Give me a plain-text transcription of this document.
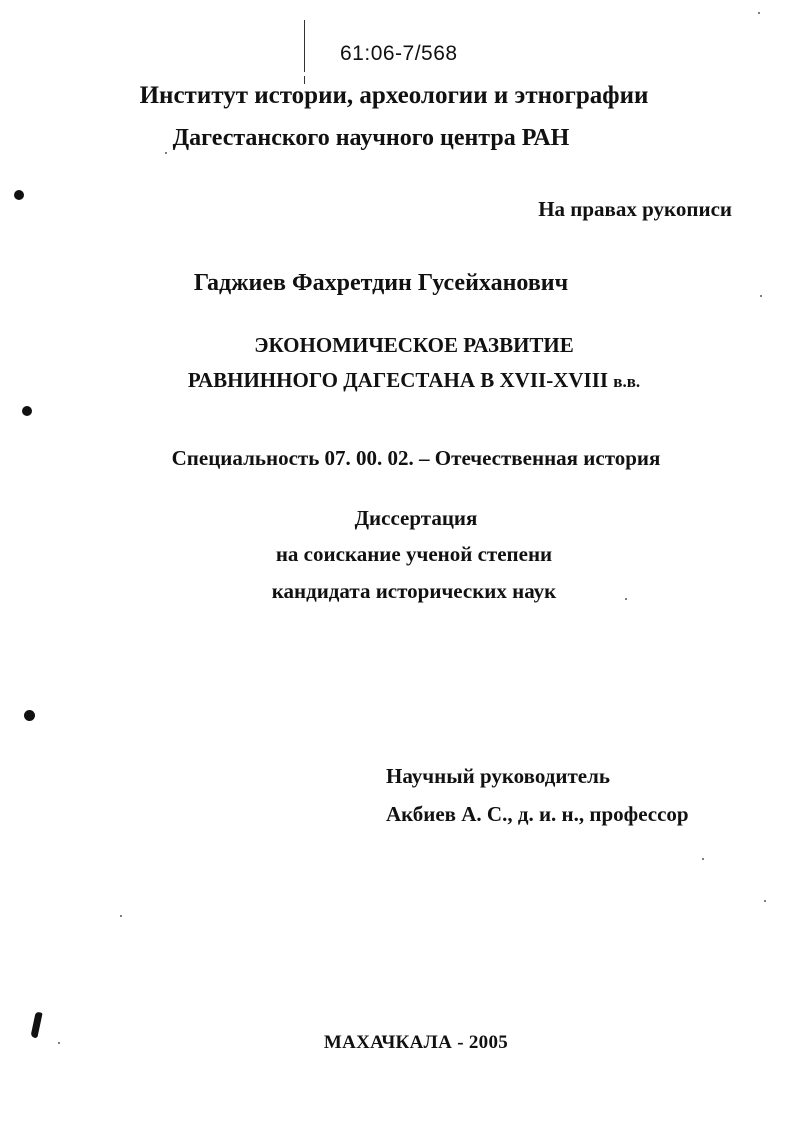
61:06-7/568
Институт истории, археологии и этнографии
Дагестанского научного центра РАН
На правах рукописи
Гаджиев Фахретдин Гусейханович
ЭКОНОМИЧЕСКОЕ РАЗВИТИЕ
РАВНИННОГО ДАГЕСТАНА В XVII-XVIII в.в.
Специальность 07. 00. 02. – Отечественная история
Диссертация
на соискание ученой степени
кандидата исторических наук
Научный руководитель
Акбиев А. С., д. и. н., профессор
МАХАЧКАЛА - 2005
